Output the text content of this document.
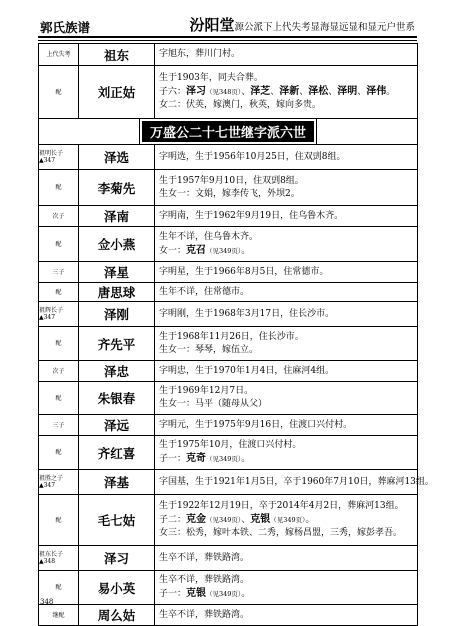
郭氏族谱	汾阳堂源公派下上代失考显海显远显和显元户世系
上代失考	祖东	字旭东，葬川门村。

配	刘正姑	生于1903年，同夫合葬。
子六：泽习（见348页）、泽芝、泽新、泽松、泽明、泽伟。
女二：伏英，嫁澳门，秋英，嫁向多贵。

万盛公二十七世继字派六世		

祖明长子
▲347	泽选	字明选，生于1956年10月25日，住双剅8组。

配	李菊先	生于1957年9月10日，住双剅8组。
生女一：文娟，嫁李传飞，外坝2。

次子	泽南	字明南，生于1962年9月19日，住乌鲁木齐。

配	佥小燕	生年不详，住乌鲁木齐。
女一：克召（见349页）。

三子	泽星	字明星，生于1966年8月5日，住常德市。

配	唐思球	生年不详，住常德市。

祖辉长子
▲347	泽刚	字明刚，生于1968年3月17日，住长沙市。

配	齐先平	生于1968年11月26日，住长沙市。
生女一：琴琴，嫁伍立。

次子	泽忠	字明忠，生于1970年1月4日，住麻河4组。

配	朱银春	生于1969年12月7日。
生女一：马平（随母从父）

三子	泽远	字明元，生于1975年9月16日，住渡口兴付村。

配	齐红喜	生于1975年10月，住渡口兴付村。
子一：克奇（见349页）。

祖胜之子
▲347	泽基	字国基，生于1921年1月5日，卒于1960年7月10日，葬麻河13组。

配	毛七姑	生于1922年12月19日，卒于2014年4月2日，葬麻河13组。
子二：克金（见349页）、克银（见349页）。
女三：松秀，嫁叶本铁、二秀，嫁杨昌盟，三秀，嫁彭孝吾。

祖东长子
▲348	泽习	生卒不详，葬铁路湾。

配	易小英	生卒不详，葬铁路湾。
子一：克银（见349页）。

继配	周么姑	生卒不详，葬铁路湾。
348
